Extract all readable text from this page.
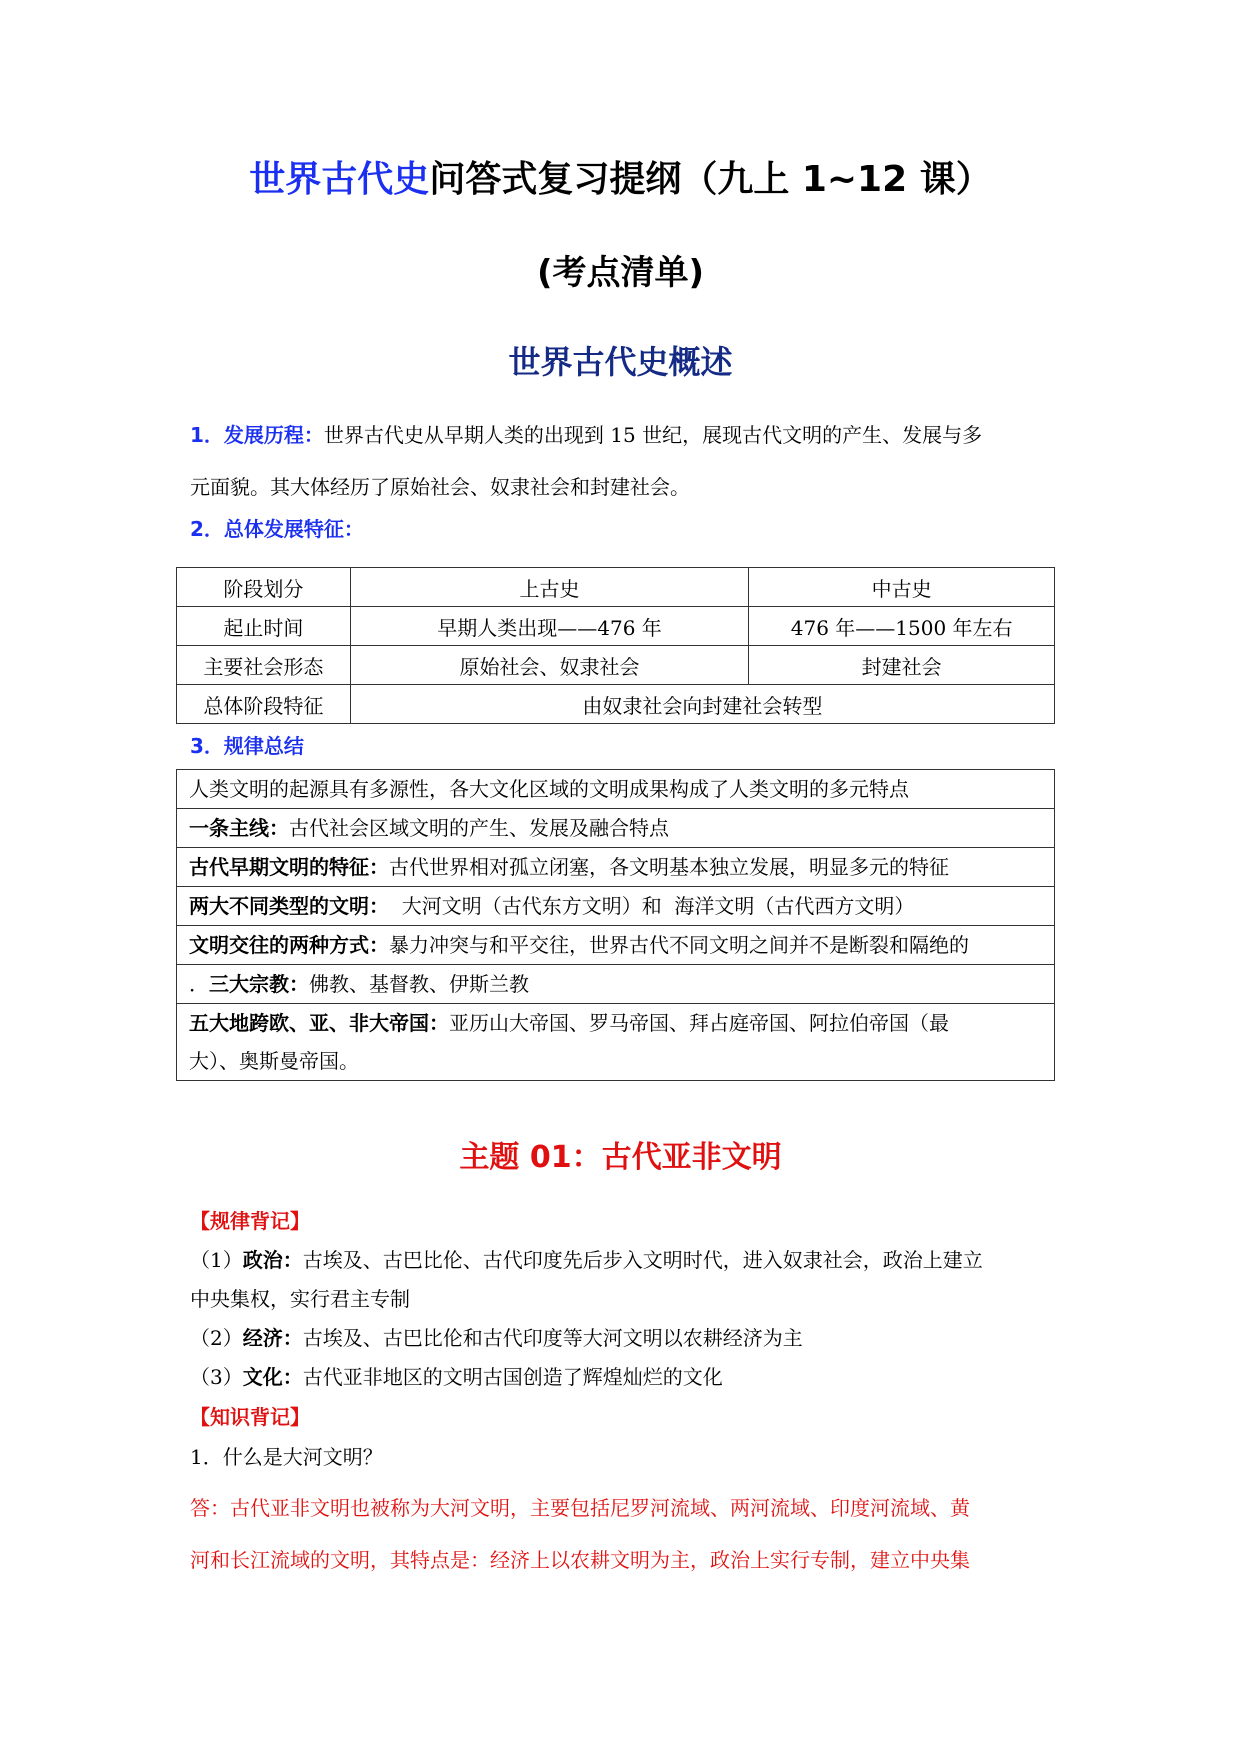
世界古代史问答式复习提纲（九上 1~12 课）
(考点清单)
世界古代史概述
1．发展历程：世界古代史从早期人类的出现到 15 世纪，展现古代文明的产生、发展与多
元面貌。其大体经历了原始社会、奴隶社会和封建社会。
2．总体发展特征：
阶段划分	上古史	中古史
起止时间	早期人类出现——476 年	476 年——1500 年左右
主要社会形态	原始社会、奴隶社会	封建社会
总体阶段特征	由奴隶社会向封建社会转型	
3．规律总结
人类文明的起源具有多源性，各大文化区域的文明成果构成了人类文明的多元特点
一条主线：古代社会区域文明的产生、发展及融合特点
古代早期文明的特征：古代世界相对孤立闭塞，各文明基本独立发展，明显多元的特征
两大不同类型的文明：  大河文明（古代东方文明）和  海洋文明（古代西方文明）
文明交往的两种方式：暴力冲突与和平交往，世界古代不同文明之间并不是断裂和隔绝的
．三大宗教：佛教、基督教、伊斯兰教
五大地跨欧、亚、非大帝国：亚历山大帝国、罗马帝国、拜占庭帝国、阿拉伯帝国（最
大）、奥斯曼帝国。
主题 01：古代亚非文明
【规律背记】
（1）政治：古埃及、古巴比伦、古代印度先后步入文明时代，进入奴隶社会，政治上建立
中央集权，实行君主专制
（2）经济：古埃及、古巴比伦和古代印度等大河文明以农耕经济为主
（3）文化：古代亚非地区的文明古国创造了辉煌灿烂的文化
【知识背记】
1．什么是大河文明？
答：古代亚非文明也被称为大河文明，主要包括尼罗河流域、两河流域、印度河流域、黄
河和长江流域的文明，其特点是：经济上以农耕文明为主，政治上实行专制，建立中央集
